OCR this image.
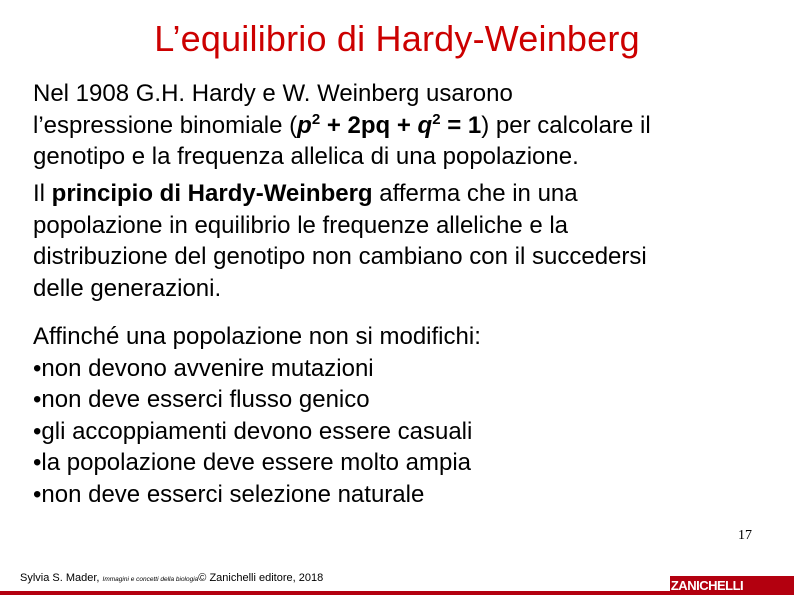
L’equilibrio di Hardy-Weinberg
Nel 1908 G.H. Hardy e W. Weinberg usarono
l’espressione binomiale $(p^2 + 2pq + q^2 = 1)$ per calcolare il
genotipo e la frequenza allelica di una popolazione.
Il principio di Hardy-Weinberg afferma che in una
popolazione in equilibrio le frequenze alleliche e la
distribuzione del genotipo non cambiano con il succedersi
delle generazioni.
Affinché una popolazione non si modifichi:
•non devono avvenire mutazioni
•non deve esserci flusso genico
•gli accoppiamenti devono essere casuali
•la popolazione deve essere molto ampia
•non deve esserci selezione naturale
17
Sylvia S. Mader, Immagini e concetti della biologia© Zanichelli editore, 2018	ZANICHELLI
